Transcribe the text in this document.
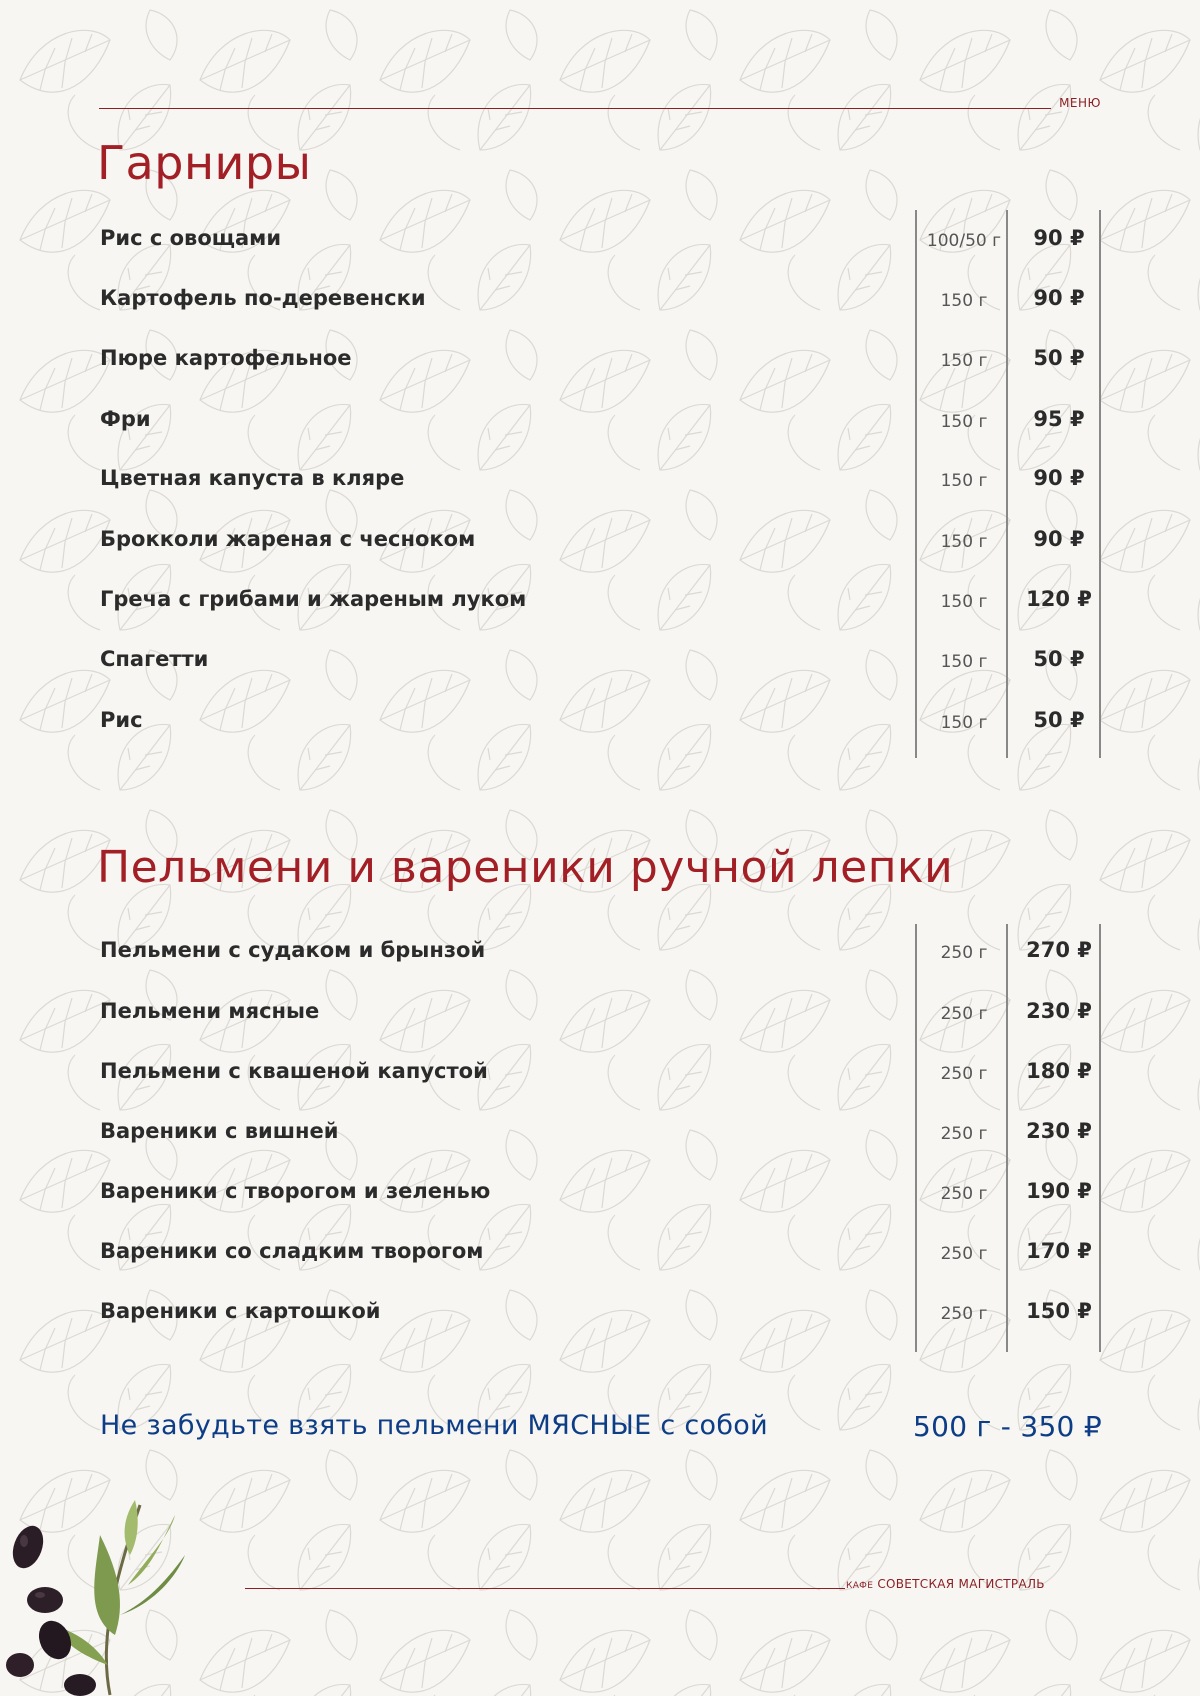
МЕНЮ
Гарниры
Рис с овощами	100/50 г	90 ₽
Картофель по-деревенски	150 г	90 ₽
Пюре картофельное	150 г	50 ₽
Фри	150 г	95 ₽
Цветная капуста в кляре	150 г	90 ₽
Брокколи жареная с чесноком	150 г	90 ₽
Греча с грибами и жареным луком	150 г	120 ₽
Спагетти	150 г	50 ₽
Рис	150 г	50 ₽
Пельмени и вареники ручной лепки
Пельмени с судаком и брынзой	250 г	270 ₽
Пельмени мясные	250 г	230 ₽
Пельмени с квашеной капустой	250 г	180 ₽
Вареники с вишней	250 г	230 ₽
Вареники с творогом и зеленью	250 г	190 ₽
Вареники со сладким творогом	250 г	170 ₽
Вареники с картошкой	250 г	150 ₽
Не забудьте взять пельмени МЯСНЫЕ с собой	500 г - 350 ₽
КАФЕ СОВЕТСКАЯ МАГИСТРАЛЬ
